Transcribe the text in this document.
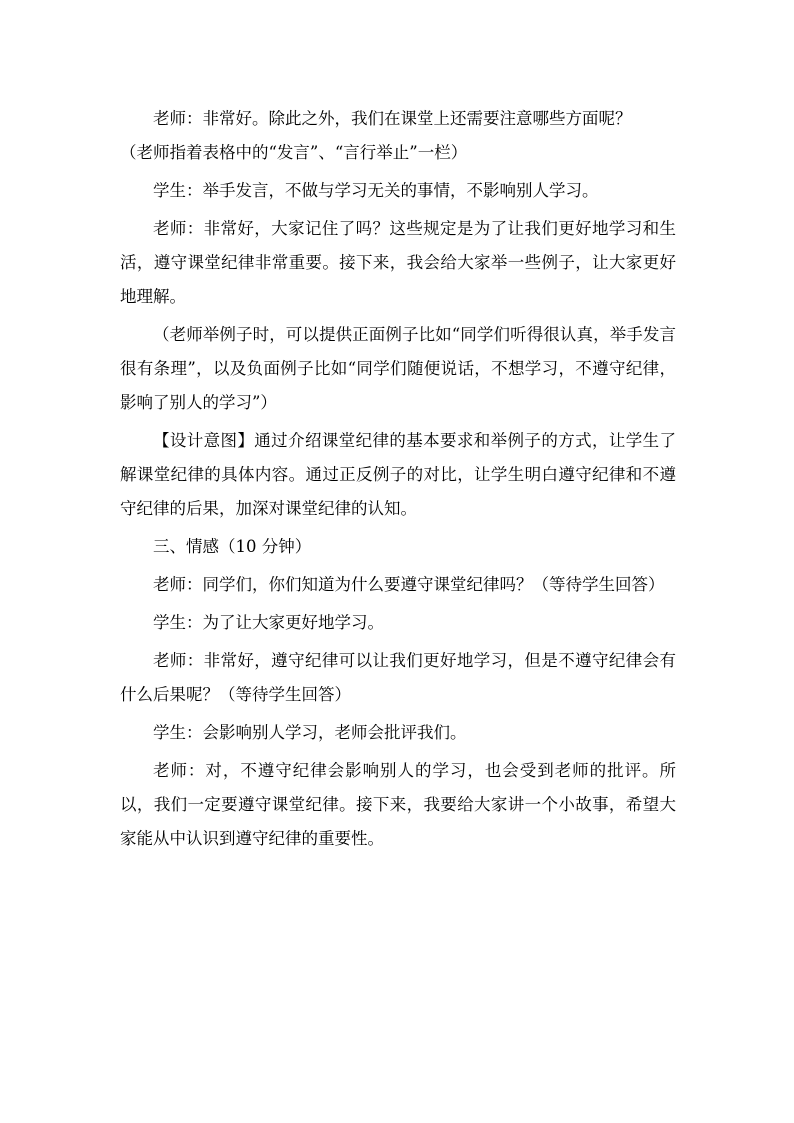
老师：非常好。除此之外，我们在课堂上还需要注意哪些方面呢？

（老师指着表格中的“发言”、“言行举止”一栏）

学生：举手发言，不做与学习无关的事情，不影响别人学习。

老师：非常好，大家记住了吗？这些规定是为了让我们更好地学习和生活，遵守课堂纪律非常重要。接下来，我会给大家举一些例子，让大家更好地理解。

（老师举例子时，可以提供正面例子比如“同学们听得很认真，举手发言很有条理”，以及负面例子比如“同学们随便说话，不想学习，不遵守纪律，影响了别人的学习”）

【设计意图】通过介绍课堂纪律的基本要求和举例子的方式，让学生了解课堂纪律的具体内容。通过正反例子的对比，让学生明白遵守纪律和不遵守纪律的后果，加深对课堂纪律的认知。

三、情感（10 分钟）

老师：同学们，你们知道为什么要遵守课堂纪律吗？（等待学生回答）

学生：为了让大家更好地学习。

老师：非常好，遵守纪律可以让我们更好地学习，但是不遵守纪律会有什么后果呢？（等待学生回答）

学生：会影响别人学习，老师会批评我们。

老师：对，不遵守纪律会影响别人的学习，也会受到老师的批评。所以，我们一定要遵守课堂纪律。接下来，我要给大家讲一个小故事，希望大家能从中认识到遵守纪律的重要性。
